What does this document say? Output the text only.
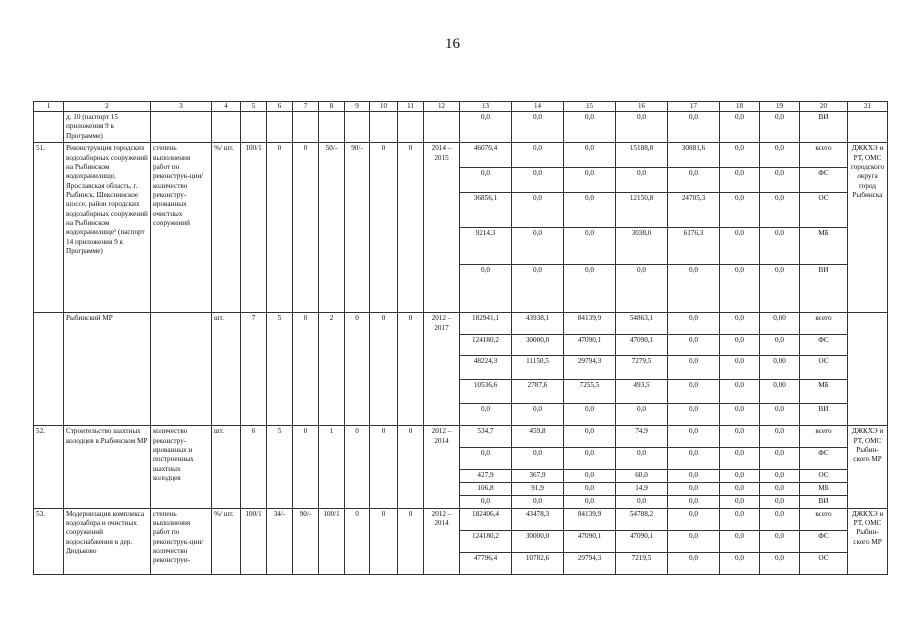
16
1	2	3	4	5	6	7	8	9	10	11	12	13	14	15	16	17	18	19	20	21
	д. 10 (паспорт 15 приложения 9 к Программе)											0,0	0,0	0,0	0,0	0,0	0,0	0,0	ВИ	
51.	Реконструкция городских водозаборных сооружений на Рыбинском водохранилище, Ярославская область, г. Рыбинск, Шекснинское шоссе, район городских водозаборных сооружений на Рыбинском водохранилище¹ (паспорт 14 приложения 9 к Программе)	степень выполнения работ по реконструк-ции/ количество реконстру-ированных очистных сооружений	%/ шт.	100/1	0	0	50/-	90/-	0	0	2014 – 2015	46070,4	0,0	0,0	15188,8	30881,6	0,0	0,0	всего	ДЖКХЭ и РТ, ОМС городского округа город Рыбинска
												0,0	0,0	0,0	0,0	0,0	0,0	0,0	ФС	
												36856,1	0,0	0,0	12150,8	24705,3	0,0	0,0	ОС	
												9214,3	0,0	0,0	3038,0	6176,3	0,0	0,0	МБ	
												0,0	0,0	0,0	0,0	0,0	0,0	0,0	ВИ	
	Рыбинский МР		шт.	7	5	0	2	0	0	0	2012 – 2017	182941,1	43938,1	84139,9	54863,1	0,0	0,0	0,00	всего	
												124180,2	30000,0	47090,1	47090,1	0,0	0,0	0,0	ФС	
												48224,3	11150,5	29794,3	7279,5	0,0	0,0	0,00	ОС	
												10536,6	2787,6	7255,5	493,5	0,0	0,0	0,00	МБ	
												0,0	0,0	0,0	0,0	0,0	0,0	0,0	ВИ	
52.	Строительство шахтных колодцев в Рыбинском МР	количество реконстру-ированных и построенных шахтных колодцев	шт.	6	5	0	1	0	0	0	2012 – 2014	534,7	459,8	0,0	74,9	0,0	0,0	0,0	всего	ДЖКХЭ и РТ, ОМС Рыбин-ского МР
												0,0	0,0	0,0	0,0	0,0	0,0	0,0	ФС	
												427,9	367,9	0,0	60,0	0,0	0,0	0,0	ОС	
												106,8	91,9	0,0	14,9	0,0	0,0	0,0	МБ	
												0,0	0,0	0,0	0,0	0,0	0,0	0,0	ВИ	
53.	Модернизация комплекса водозабора и очистных сооружений водоснабжения в дер. Дюдьково	степень выполнения работ по реконструк-ции/ количество реконструи-	%/ шт.	100/1	34/-	90/-	100/1	0	0	0	2012 – 2014	182406,4	43478,3	84139,9	54788,2	0,0	0,0	0,0	всего	ДЖКХЭ и РТ, ОМС Рыбин-ского МР
												124180,2	30000,0	47090,1	47090,1	0,0	0,0	0,0	ФС	
												47796,4	10782,6	29794,3	7219,5	0,0	0,0	0,0	ОС	
